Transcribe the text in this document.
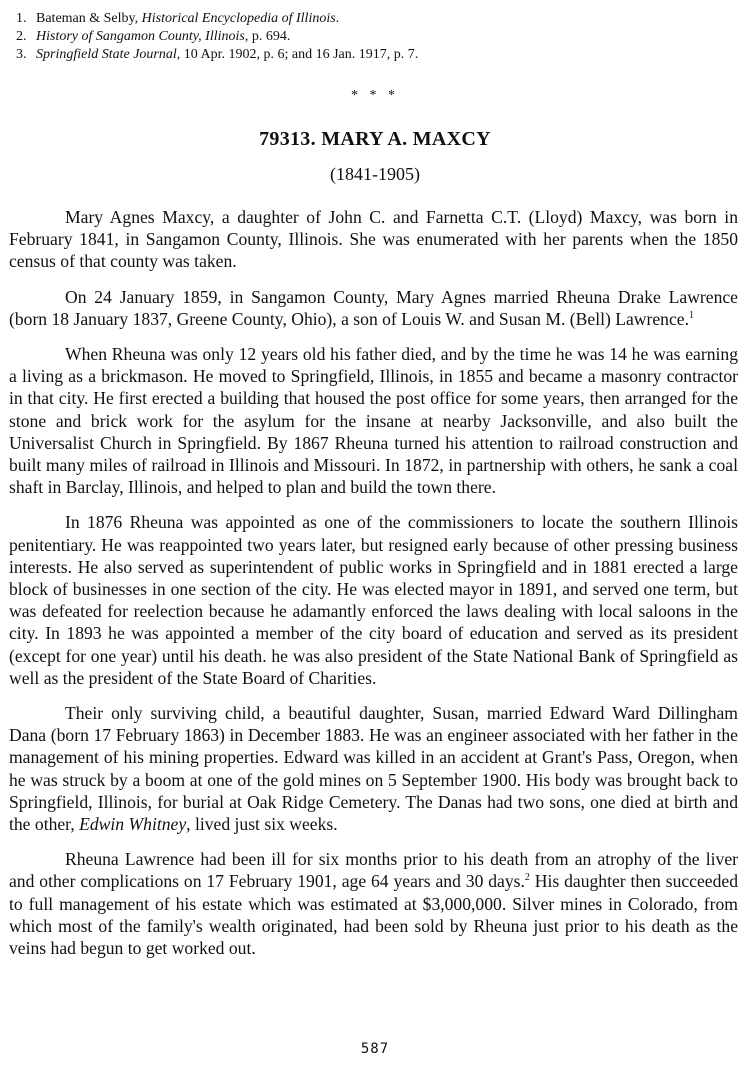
1. Bateman & Selby, Historical Encyclopedia of Illinois.
2. History of Sangamon County, Illinois, p. 694.
3. Springfield State Journal, 10 Apr. 1902, p. 6; and 16 Jan. 1917, p. 7.
* * *
79313. MARY A. MAXCY
(1841-1905)

Mary Agnes Maxcy, a daughter of John C. and Farnetta C.T. (Lloyd) Maxcy, was born in February 1841, in Sangamon County, Illinois. She was enumerated with her parents when the 1850 census of that county was taken.

On 24 January 1859, in Sangamon County, Mary Agnes married Rheuna Drake Lawrence (born 18 January 1837, Greene County, Ohio), a son of Louis W. and Susan M. (Bell) Lawrence.$^1$

When Rheuna was only 12 years old his father died, and by the time he was 14 he was earning a living as a brickmason. He moved to Springfield, Illinois, in 1855 and became a masonry contractor in that city. He first erected a building that housed the post office for some years, then arranged for the stone and brick work for the asylum for the insane at nearby Jacksonville, and also built the Universalist Church in Springfield. By 1867 Rheuna turned his attention to railroad construction and built many miles of railroad in Illinois and Missouri. In 1872, in partnership with others, he sank a coal shaft in Barclay, Illinois, and helped to plan and build the town there.

In 1876 Rheuna was appointed as one of the commissioners to locate the southern Illinois penitentiary. He was reappointed two years later, but resigned early because of other pressing business interests. He also served as superintendent of public works in Springfield and in 1881 erected a large block of businesses in one section of the city. He was elected mayor in 1891, and served one term, but was defeated for reelection because he adamantly enforced the laws dealing with local saloons in the city. In 1893 he was appointed a member of the city board of education and served as its president (except for one year) until his death. he was also president of the State National Bank of Springfield as well as the president of the State Board of Charities.

Their only surviving child, a beautiful daughter, Susan, married Edward Ward Dillingham Dana (born 17 February 1863) in December 1883. He was an engineer associated with her father in the management of his mining properties. Edward was killed in an accident at Grant's Pass, Oregon, when he was struck by a boom at one of the gold mines on 5 September 1900. His body was brought back to Springfield, Illinois, for burial at Oak Ridge Cemetery. The Danas had two sons, one died at birth and the other, Edwin Whitney, lived just six weeks.

Rheuna Lawrence had been ill for six months prior to his death from an atrophy of the liver and other complications on 17 February 1901, age 64 years and 30 days.$^2$ His daughter then succeeded to full management of his estate which was estimated at $3,000,000. Silver mines in Colorado, from which most of the family's wealth originated, had been sold by Rheuna just prior to his death as the veins had begun to get worked out.

587
